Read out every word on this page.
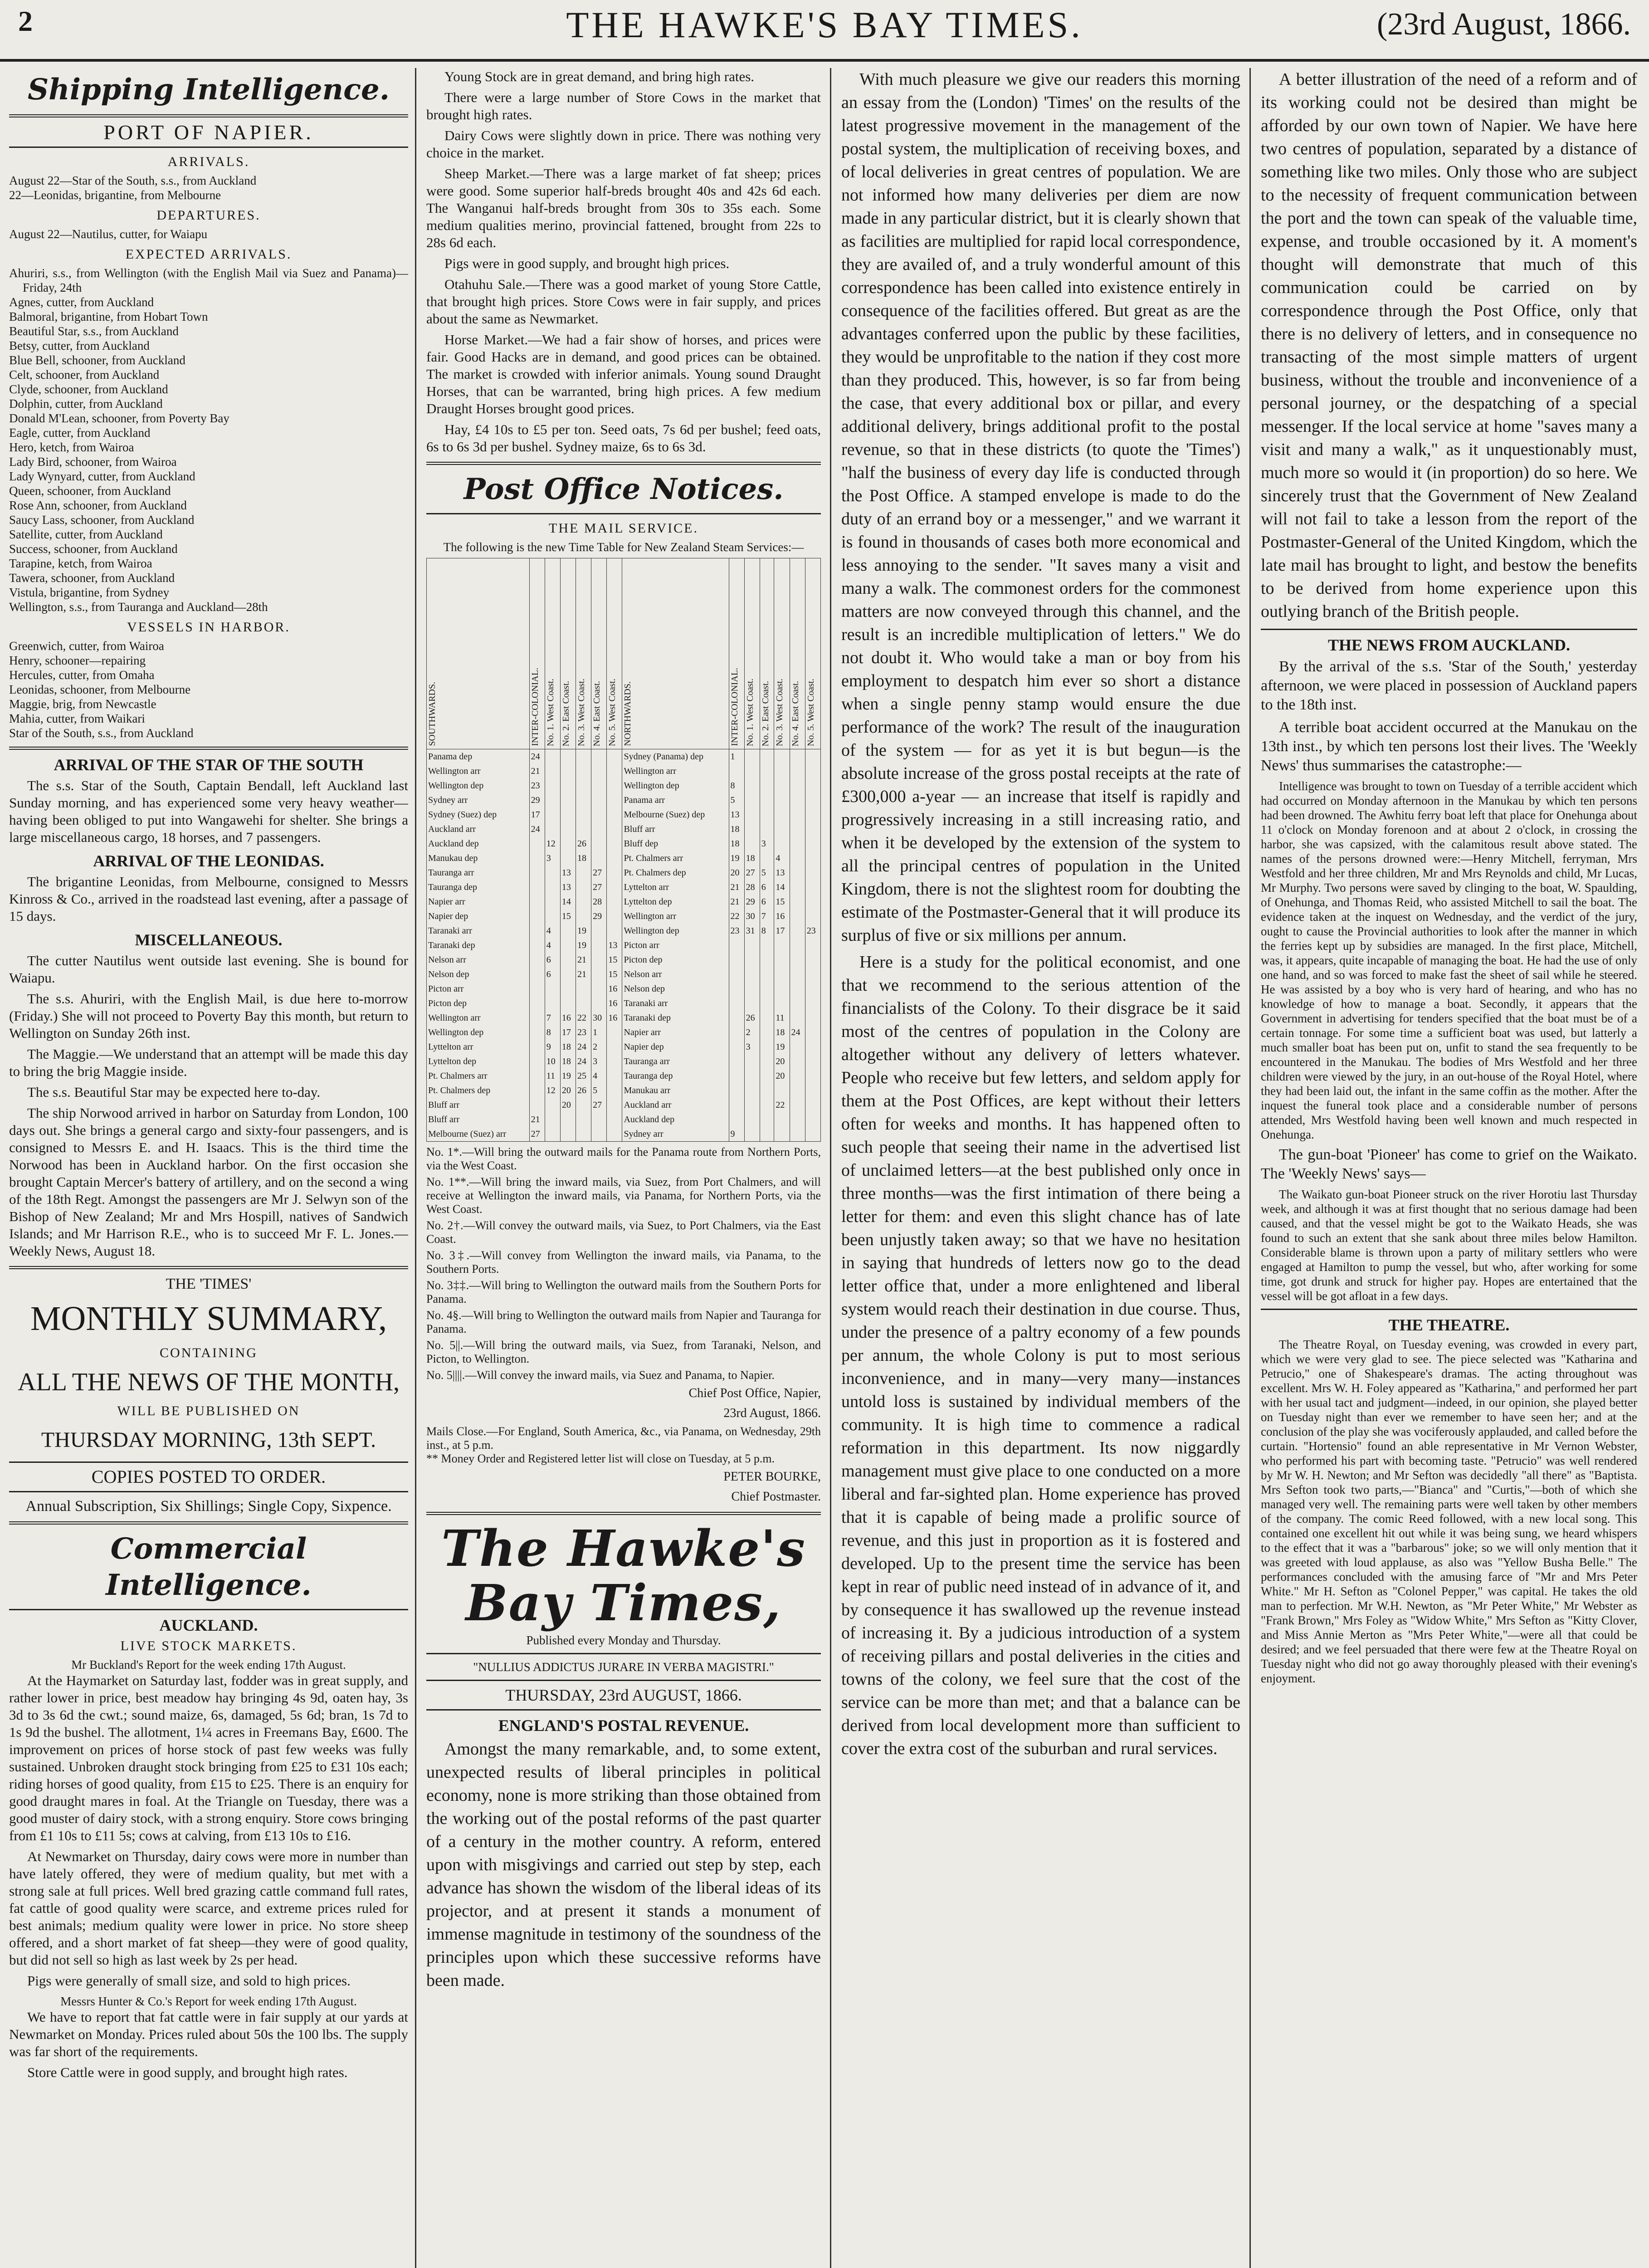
2	THE HAWKE'S BAY TIMES.	(23rd August, 1866.
Shipping Intelligence.
PORT OF NAPIER.
ARRIVALS.
August 22—Star of the South, s.s., from Auckland
22—Leonidas, brigantine, from Melbourne
DEPARTURES.
August 22—Nautilus, cutter, for Waiapu
EXPECTED ARRIVALS.
Ahuriri, s.s., from Wellington (with the English Mail via Suez and Panama)—Friday, 24th
Agnes, cutter, from Auckland
Balmoral, brigantine, from Hobart Town
Beautiful Star, s.s., from Auckland
Betsy, cutter, from Auckland
Blue Bell, schooner, from Auckland
Celt, schooner, from Auckland
Clyde, schooner, from Auckland
Dolphin, cutter, from Auckland
Donald M'Lean, schooner, from Poverty Bay
Eagle, cutter, from Auckland
Hero, ketch, from Wairoa
Lady Bird, schooner, from Wairoa
Lady Wynyard, cutter, from Auckland
Queen, schooner, from Auckland
Rose Ann, schooner, from Auckland
Saucy Lass, schooner, from Auckland
Satellite, cutter, from Auckland
Success, schooner, from Auckland
Tarapine, ketch, from Wairoa
Tawera, schooner, from Auckland
Vistula, brigantine, from Sydney
Wellington, s.s., from Tauranga and Auckland—28th
VESSELS IN HARBOR.
Greenwich, cutter, from Wairoa
Henry, schooner—repairing
Hercules, cutter, from Omaha
Leonidas, schooner, from Melbourne
Maggie, brig, from Newcastle
Mahia, cutter, from Waikari
Star of the South, s.s., from Auckland
ARRIVAL OF THE STAR OF THE SOUTH

The s.s. Star of the South, Captain Bendall, left Auckland last Sunday morning, and has experienced some very heavy weather—having been obliged to put into Wangawehi for shelter. She brings a large miscellaneous cargo, 18 horses, and 7 passengers.

ARRIVAL OF THE LEONIDAS.

The brigantine Leonidas, from Melbourne, consigned to Messrs Kinross & Co., arrived in the roadstead last evening, after a passage of 15 days.

MISCELLANEOUS.

The cutter Nautilus went outside last evening. She is bound for Waiapu.

The s.s. Ahuriri, with the English Mail, is due here to-morrow (Friday.) She will not proceed to Poverty Bay this month, but return to Wellington on Sunday 26th inst.

The Maggie.—We understand that an attempt will be made this day to bring the brig Maggie inside.

The s.s. Beautiful Star may be expected here to-day.

The ship Norwood arrived in harbor on Saturday from London, 100 days out. She brings a general cargo and sixty-four passengers, and is consigned to Messrs E. and H. Isaacs. This is the third time the Norwood has been in Auckland harbor. On the first occasion she brought Captain Mercer's battery of artillery, and on the second a wing of the 18th Regt. Amongst the passengers are Mr J. Selwyn son of the Bishop of New Zealand; Mr and Mrs Hospill, natives of Sandwich Islands; and Mr Harrison R.E., who is to succeed Mr F. L. Jones.—Weekly News, August 18.

THE 'TIMES'
MONTHLY SUMMARY,
CONTAINING
ALL THE NEWS OF THE MONTH,
WILL BE PUBLISHED ON
THURSDAY MORNING, 13th SEPT.
COPIES POSTED TO ORDER.
Annual Subscription, Six Shillings; Single Copy, Sixpence.
Commercial Intelligence.
AUCKLAND.
LIVE STOCK MARKETS.
Mr Buckland's Report for the week ending 17th August.

At the Haymarket on Saturday last, fodder was in great supply, and rather lower in price, best meadow hay bringing 4s 9d, oaten hay, 3s 3d to 3s 6d the cwt.; sound maize, 6s, damaged, 5s 6d; bran, 1s 7d to 1s 9d the bushel. The allotment, 1¼ acres in Freemans Bay, £600. The improvement on prices of horse stock of past few weeks was fully sustained. Unbroken draught stock bringing from £25 to £31 10s each; riding horses of good quality, from £15 to £25. There is an enquiry for good draught mares in foal. At the Triangle on Tuesday, there was a good muster of dairy stock, with a strong enquiry. Store cows bringing from £1 10s to £11 5s; cows at calving, from £13 10s to £16.

At Newmarket on Thursday, dairy cows were more in number than have lately offered, they were of medium quality, but met with a strong sale at full prices. Well bred grazing cattle command full rates, fat cattle of good quality were scarce, and extreme prices ruled for best animals; medium quality were lower in price. No store sheep offered, and a short market of fat sheep—they were of good quality, but did not sell so high as last week by 2s per head.

Pigs were generally of small size, and sold to high prices.

Messrs Hunter & Co.'s Report for week ending 17th August.

We have to report that fat cattle were in fair supply at our yards at Newmarket on Monday. Prices ruled about 50s the 100 lbs. The supply was far short of the requirements.

Store Cattle were in good supply, and brought high rates.

Young Stock are in great demand, and bring high rates.

There were a large number of Store Cows in the market that brought high rates.

Dairy Cows were slightly down in price. There was nothing very choice in the market.

Sheep Market.—There was a large market of fat sheep; prices were good. Some superior half-breds brought 40s and 42s 6d each. The Wanganui half-breds brought from 30s to 35s each. Some medium qualities merino, provincial fattened, brought from 22s to 28s 6d each.

Pigs were in good supply, and brought high prices.

Otahuhu Sale.—There was a good market of young Store Cattle, that brought high prices. Store Cows were in fair supply, and prices about the same as Newmarket.

Horse Market.—We had a fair show of horses, and prices were fair. Good Hacks are in demand, and good prices can be obtained. The market is crowded with inferior animals. Young sound Draught Horses, that can be warranted, bring high prices. A few medium Draught Horses brought good prices.

Hay, £4 10s to £5 per ton. Seed oats, 7s 6d per bushel; feed oats, 6s to 6s 3d per bushel. Sydney maize, 6s to 6s 3d.

Post Office Notices.
THE MAIL SERVICE.
The following is the new Time Table for New Zealand Steam Services:—
SOUTHWARDS.	INTER-COLONIAL.	No. 1. West Coast.	No. 2. East Coast.	No. 3. West Coast.	No. 4. East Coast.	No. 5. West Coast.	NORTHWARDS.	INTER-COLONIAL.	No. 1. West Coast.	No. 2. East Coast.	No. 3. West Coast.	No. 4. East Coast.	No. 5. West Coast.
Panama dep	24						Sydney (Panama) dep	1					
Wellington arr	21						Wellington arr						
Wellington dep	23						Wellington dep	8					
Sydney arr	29						Panama arr	5					
Sydney (Suez) dep	17						Melbourne (Suez) dep	13					
Auckland arr	24						Bluff arr	18					
Auckland dep		12		26			Bluff dep	18		3			
Manukau dep		3		18			Pt. Chalmers arr	19	18		4		
Tauranga arr			13		27		Pt. Chalmers dep	20	27	5	13		
Tauranga dep			13		27		Lyttelton arr	21	28	6	14		
Napier arr			14		28		Lyttelton dep	21	29	6	15		
Napier dep			15		29		Wellington arr	22	30	7	16		
Taranaki arr		4		19			Wellington dep	23	31	8	17		23
Taranaki dep		4		19		13	Picton arr						
Nelson arr		6		21		15	Picton dep						
Nelson dep		6		21		15	Nelson arr						
Picton arr						16	Nelson dep						
Picton dep						16	Taranaki arr						
Wellington arr		7	16	22	30	16	Taranaki dep		26		11		
Wellington dep		8	17	23	1		Napier arr		2		18	24	
Lyttelton arr		9	18	24	2		Napier dep		3		19		
Lyttelton dep		10	18	24	3		Tauranga arr				20		
Pt. Chalmers arr		11	19	25	4		Tauranga dep				20		
Pt. Chalmers dep		12	20	26	5		Manukau arr						
Bluff arr			20		27		Auckland arr				22		
Bluff arr	21						Auckland dep						
Melbourne (Suez) arr	27						Sydney arr	9					
No. 1*.—Will bring the outward mails for the Panama route from Northern Ports, via the West Coast.
No. 1**.—Will bring the inward mails, via Suez, from Port Chalmers, and will receive at Wellington the inward mails, via Panama, for Northern Ports, via the West Coast.
No. 2†.—Will convey the outward mails, via Suez, to Port Chalmers, via the East Coast.
No. 3‡.—Will convey from Wellington the inward mails, via Panama, to the Southern Ports.
No. 3‡‡.—Will bring to Wellington the outward mails from the Southern Ports for Panama.
No. 4§.—Will bring to Wellington the outward mails from Napier and Tauranga for Panama.
No. 5||.—Will bring the outward mails, via Suez, from Taranaki, Nelson, and Picton, to Wellington.
No. 5||||.—Will convey the inward mails, via Suez and Panama, to Napier.
Chief Post Office, Napier,
23rd August, 1866.
Mails Close.—For England, South America, &c., via Panama, on Wednesday, 29th inst., at 5 p.m.
** Money Order and Registered letter list will close on Tuesday, at 5 p.m.
PETER BOURKE,
Chief Postmaster.
The Hawke's Bay Times,
Published every Monday and Thursday.
"NULLIUS ADDICTUS JURARE IN VERBA MAGISTRI."
THURSDAY, 23rd AUGUST, 1866.
ENGLAND'S POSTAL REVENUE.

Amongst the many remarkable, and, to some extent, unexpected results of liberal principles in political economy, none is more striking than those obtained from the working out of the postal reforms of the past quarter of a century in the mother country. A reform, entered upon with misgivings and carried out step by step, each advance has shown the wisdom of the liberal ideas of its projector, and at present it stands a monument of immense magnitude in testimony of the soundness of the principles upon which these successive reforms have been made.

With much pleasure we give our readers this morning an essay from the (London) 'Times' on the results of the latest progressive movement in the management of the postal system, the multiplication of receiving boxes, and of local deliveries in great centres of population. We are not informed how many deliveries per diem are now made in any particular district, but it is clearly shown that as facilities are multiplied for rapid local correspondence, they are availed of, and a truly wonderful amount of this correspondence has been called into existence entirely in consequence of the facilities offered. But great as are the advantages conferred upon the public by these facilities, they would be unprofitable to the nation if they cost more than they produced. This, however, is so far from being the case, that every additional box or pillar, and every additional delivery, brings additional profit to the postal revenue, so that in these districts (to quote the 'Times') "half the business of every day life is conducted through the Post Office. A stamped envelope is made to do the duty of an errand boy or a messenger," and we warrant it is found in thousands of cases both more economical and less annoying to the sender. "It saves many a visit and many a walk. The commonest orders for the commonest matters are now conveyed through this channel, and the result is an incredible multiplication of letters." We do not doubt it. Who would take a man or boy from his employment to despatch him ever so short a distance when a single penny stamp would ensure the due performance of the work? The result of the inauguration of the system — for as yet it is but begun—is the absolute increase of the gross postal receipts at the rate of £300,000 a-year — an increase that itself is rapidly and progressively increasing in a still increasing ratio, and when it be developed by the extension of the system to all the principal centres of population in the United Kingdom, there is not the slightest room for doubting the estimate of the Postmaster-General that it will produce its surplus of five or six millions per annum.

Here is a study for the political economist, and one that we recommend to the serious attention of the financialists of the Colony. To their disgrace be it said most of the centres of population in the Colony are altogether without any delivery of letters whatever. People who receive but few letters, and seldom apply for them at the Post Offices, are kept without their letters often for weeks and months. It has happened often to such people that seeing their name in the advertised list of unclaimed letters—at the best published only once in three months—was the first intimation of there being a letter for them: and even this slight chance has of late been unjustly taken away; so that we have no hesitation in saying that hundreds of letters now go to the dead letter office that, under a more enlightened and liberal system would reach their destination in due course. Thus, under the presence of a paltry economy of a few pounds per annum, the whole Colony is put to most serious inconvenience, and in many—very many—instances untold loss is sustained by individual members of the community. It is high time to commence a radical reformation in this department. Its now niggardly management must give place to one conducted on a more liberal and far-sighted plan. Home experience has proved that it is capable of being made a prolific source of revenue, and this just in proportion as it is fostered and developed. Up to the present time the service has been kept in rear of public need instead of in advance of it, and by consequence it has swallowed up the revenue instead of increasing it. By a judicious introduction of a system of receiving pillars and postal deliveries in the cities and towns of the colony, we feel sure that the cost of the service can be more than met; and that a balance can be derived from local development more than sufficient to cover the extra cost of the suburban and rural services.

A better illustration of the need of a reform and of its working could not be desired than might be afforded by our own town of Napier. We have here two centres of population, separated by a distance of something like two miles. Only those who are subject to the necessity of frequent communication between the port and the town can speak of the valuable time, expense, and trouble occasioned by it. A moment's thought will demonstrate that much of this communication could be carried on by correspondence through the Post Office, only that there is no delivery of letters, and in consequence no transacting of the most simple matters of urgent business, without the trouble and inconvenience of a personal journey, or the despatching of a special messenger. If the local service at home "saves many a visit and many a walk," as it unquestionably must, much more so would it (in proportion) do so here. We sincerely trust that the Government of New Zealand will not fail to take a lesson from the report of the Postmaster-General of the United Kingdom, which the late mail has brought to light, and bestow the benefits to be derived from home experience upon this outlying branch of the British people.

THE NEWS FROM AUCKLAND.

By the arrival of the s.s. 'Star of the South,' yesterday afternoon, we were placed in possession of Auckland papers to the 18th inst.

A terrible boat accident occurred at the Manukau on the 13th inst., by which ten persons lost their lives. The 'Weekly News' thus summarises the catastrophe:—

Intelligence was brought to town on Tuesday of a terrible accident which had occurred on Monday afternoon in the Manukau by which ten persons had been drowned. The Awhitu ferry boat left that place for Onehunga about 11 o'clock on Monday forenoon and at about 2 o'clock, in crossing the harbor, she was capsized, with the calamitous result above stated. The names of the persons drowned were:—Henry Mitchell, ferryman, Mrs Westfold and her three children, Mr and Mrs Reynolds and child, Mr Lucas, Mr Murphy. Two persons were saved by clinging to the boat, W. Spaulding, of Onehunga, and Thomas Reid, who assisted Mitchell to sail the boat. The evidence taken at the inquest on Wednesday, and the verdict of the jury, ought to cause the Provincial authorities to look after the manner in which the ferries kept up by subsidies are managed. In the first place, Mitchell, was, it appears, quite incapable of managing the boat. He had the use of only one hand, and so was forced to make fast the sheet of sail while he steered. He was assisted by a boy who is very hard of hearing, and who has no knowledge of how to manage a boat. Secondly, it appears that the Government in advertising for tenders specified that the boat must be of a certain tonnage. For some time a sufficient boat was used, but latterly a much smaller boat has been put on, unfit to stand the sea frequently to be encountered in the Manukau. The bodies of Mrs Westfold and her three children were viewed by the jury, in an out-house of the Royal Hotel, where they had been laid out, the infant in the same coffin as the mother. After the inquest the funeral took place and a considerable number of persons attended, Mrs Westfold having been well known and much respected in Onehunga.

The gun-boat 'Pioneer' has come to grief on the Waikato. The 'Weekly News' says—

The Waikato gun-boat Pioneer struck on the river Horotiu last Thursday week, and although it was at first thought that no serious damage had been caused, and that the vessel might be got to the Waikato Heads, she was found to such an extent that she sank about three miles below Hamilton. Considerable blame is thrown upon a party of military settlers who were engaged at Hamilton to pump the vessel, but who, after working for some time, got drunk and struck for higher pay. Hopes are entertained that the vessel will be got afloat in a few days.

THE THEATRE.

The Theatre Royal, on Tuesday evening, was crowded in every part, which we were very glad to see. The piece selected was "Katharina and Petrucio," one of Shakespeare's dramas. The acting throughout was excellent. Mrs W. H. Foley appeared as "Katharina," and performed her part with her usual tact and judgment—indeed, in our opinion, she played better on Tuesday night than ever we remember to have seen her; and at the conclusion of the play she was vociferously applauded, and called before the curtain. "Hortensio" found an able representative in Mr Vernon Webster, who performed his part with becoming taste. "Petrucio" was well rendered by Mr W. H. Newton; and Mr Sefton was decidedly "all there" as "Baptista. Mrs Sefton took two parts,—"Bianca" and "Curtis,"—both of which she managed very well. The remaining parts were well taken by other members of the company. The comic Reed followed, with a new local song. This contained one excellent hit out while it was being sung, we heard whispers to the effect that it was a "barbarous" joke; so we will only mention that it was greeted with loud applause, as also was "Yellow Busha Belle." The performances concluded with the amusing farce of "Mr and Mrs Peter White." Mr H. Sefton as "Colonel Pepper," was capital. He takes the old man to perfection. Mr W.H. Newton, as "Mr Peter White," Mr Webster as "Frank Brown," Mrs Foley as "Widow White," Mrs Sefton as "Kitty Clover, and Miss Annie Merton as "Mrs Peter White,"—were all that could be desired; and we feel persuaded that there were few at the Theatre Royal on Tuesday night who did not go away thoroughly pleased with their evening's enjoyment.
